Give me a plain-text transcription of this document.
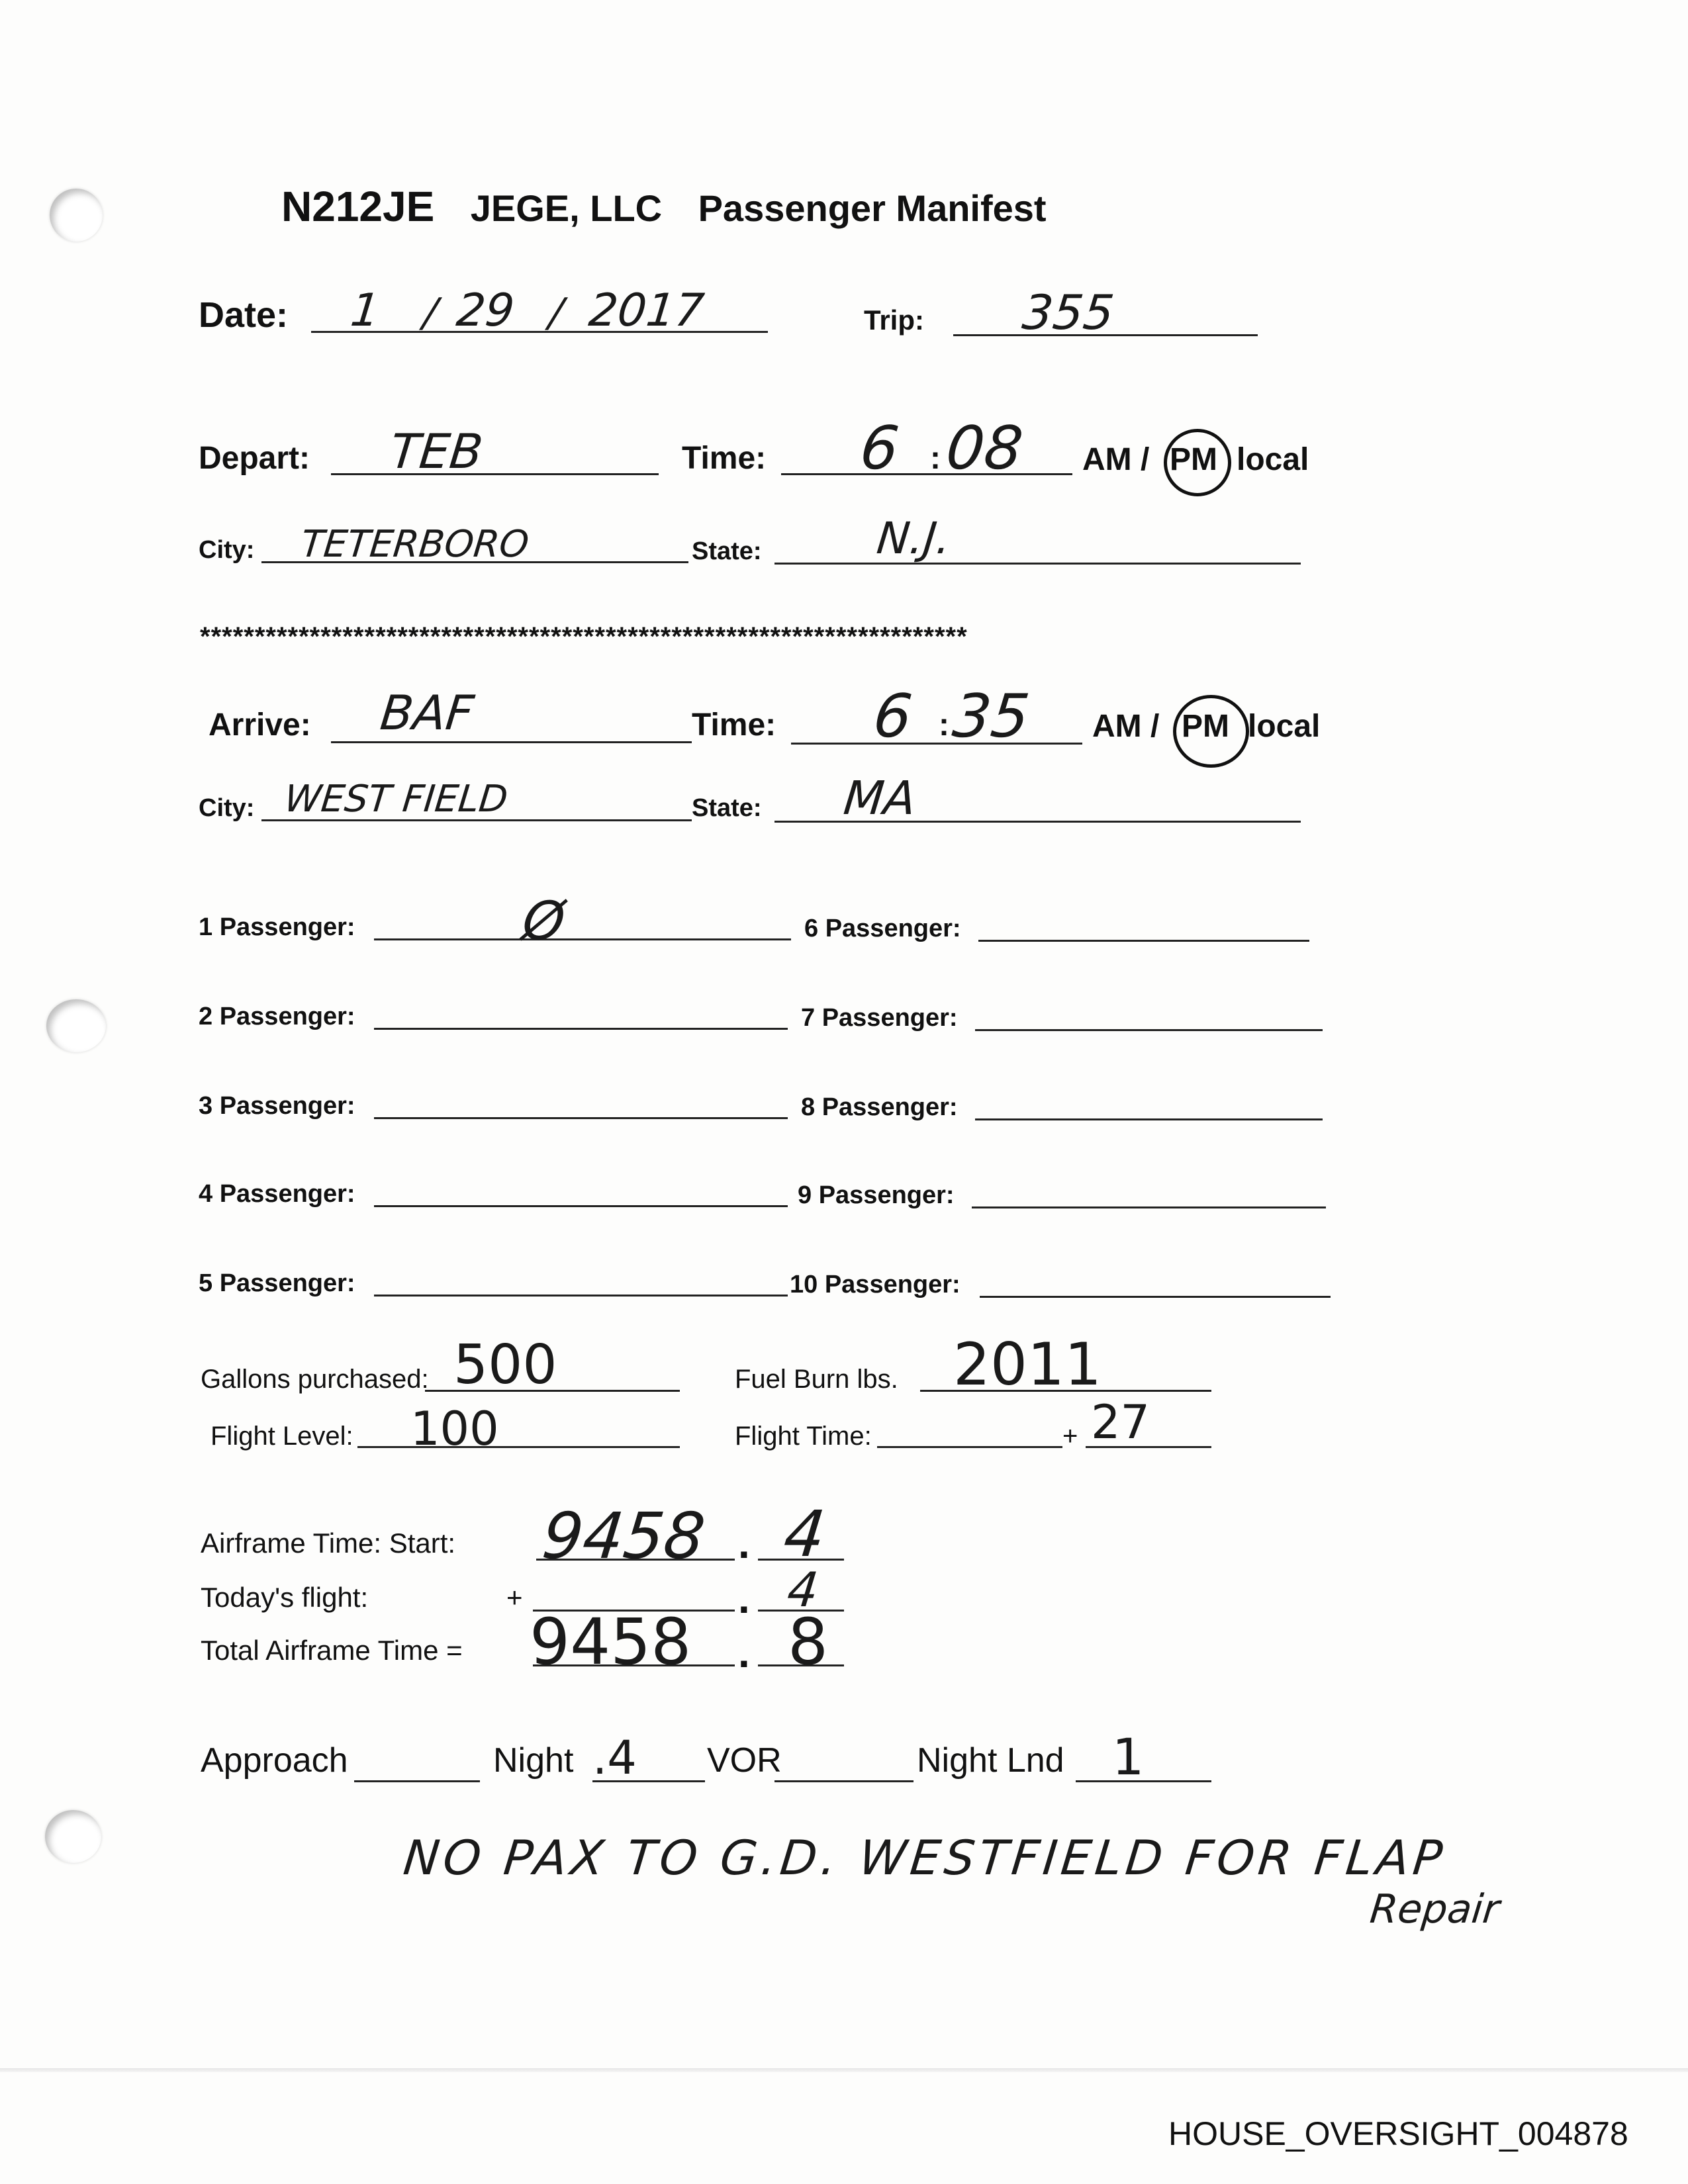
N212JE JEGE, LLC Passenger Manifest
Date: 1 / 29 / 2017	Trip: 355
Depart: TEB	Time: 6 : 08 AM / PM local
City: TETERBORO	State:	N.J.
**********************************************************************
Arrive: BAF	Time: 6 : 35 AM / PM local
City: WEST FIELD	State: MA
1 Passenger:	Ø
2 Passenger:
3 Passenger:
4 Passenger:
5 Passenger:
6 Passenger:
7 Passenger:
8 Passenger:
9 Passenger:
10 Passenger:
Gallons purchased: 500	Fuel Burn lbs. 2011
Flight Level: 100	Flight Time:	+ 27
Airframe Time: Start: 9458 . 4
Today's flight:	+	. 4
Total Airframe Time = 9458 . 8
Approach	Night .4 VOR	Night Lnd 1
NO PAX TO G.D. WESTFIELD FOR FLAP
Repair
HOUSE_OVERSIGHT_004878
